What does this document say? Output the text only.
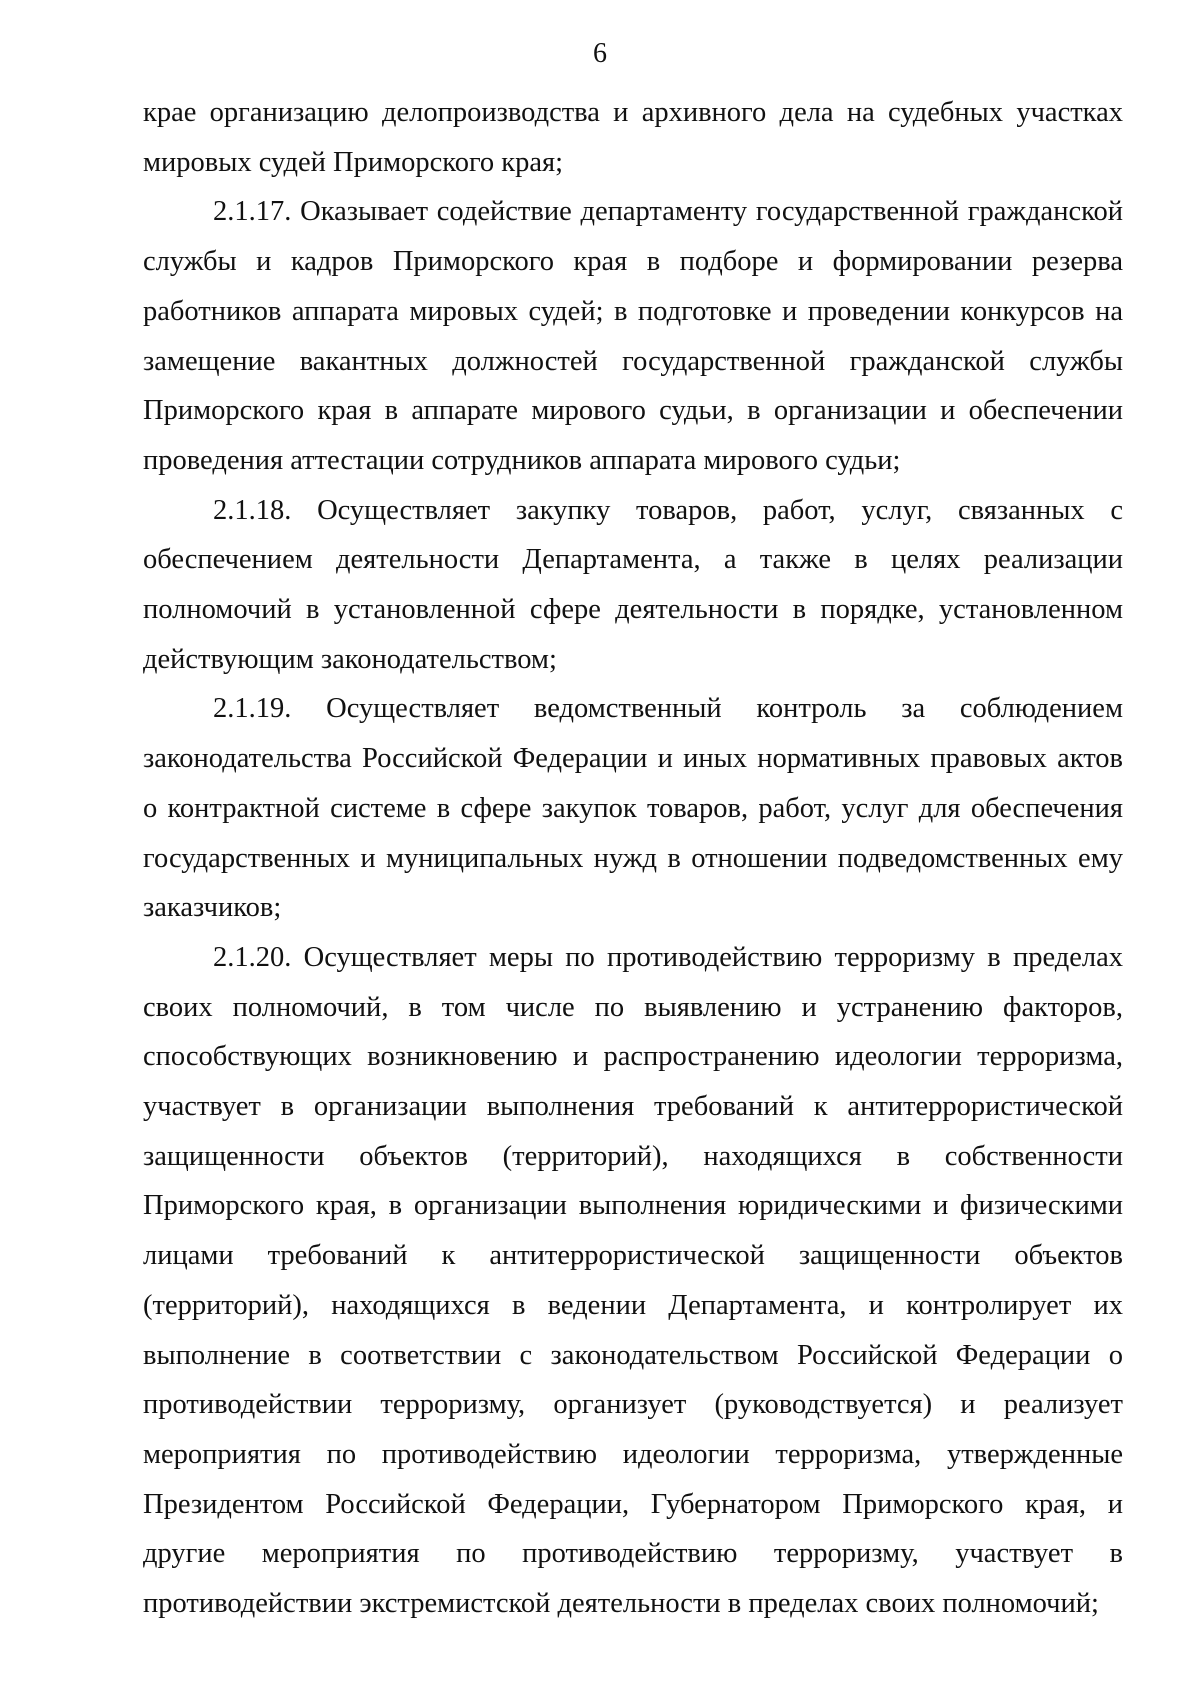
6
крае организацию делопроизводства и архивного дела на судебных участках
мировых судей Приморского края;
2.1.17. Оказывает содействие департаменту государственной гражданской
службы и кадров Приморского края в подборе и формировании резерва
работников аппарата мировых судей; в подготовке и проведении конкурсов на
замещение вакантных должностей государственной гражданской службы
Приморского края в аппарате мирового судьи, в организации и обеспечении
проведения аттестации сотрудников аппарата мирового судьи;
2.1.18. Осуществляет закупку товаров, работ, услуг, связанных с
обеспечением деятельности Департамента, а также в целях реализации
полномочий в установленной сфере деятельности в порядке, установленном
действующим законодательством;
2.1.19. Осуществляет ведомственный контроль за соблюдением
законодательства Российской Федерации и иных нормативных правовых актов
о контрактной системе в сфере закупок товаров, работ, услуг для обеспечения
государственных и муниципальных нужд в отношении подведомственных ему
заказчиков;
2.1.20. Осуществляет меры по противодействию терроризму в пределах
своих полномочий, в том числе по выявлению и устранению факторов,
способствующих возникновению и распространению идеологии терроризма,
участвует в организации выполнения требований к антитеррористической
защищенности объектов (территорий), находящихся в собственности
Приморского края, в организации выполнения юридическими и физическими
лицами требований к антитеррористической защищенности объектов
(территорий), находящихся в ведении Департамента, и контролирует их
выполнение в соответствии с законодательством Российской Федерации о
противодействии терроризму, организует (руководствуется) и реализует
мероприятия по противодействию идеологии терроризма, утвержденные
Президентом Российской Федерации, Губернатором Приморского края, и
другие мероприятия по противодействию терроризму, участвует в
противодействии экстремистской деятельности в пределах своих полномочий;
